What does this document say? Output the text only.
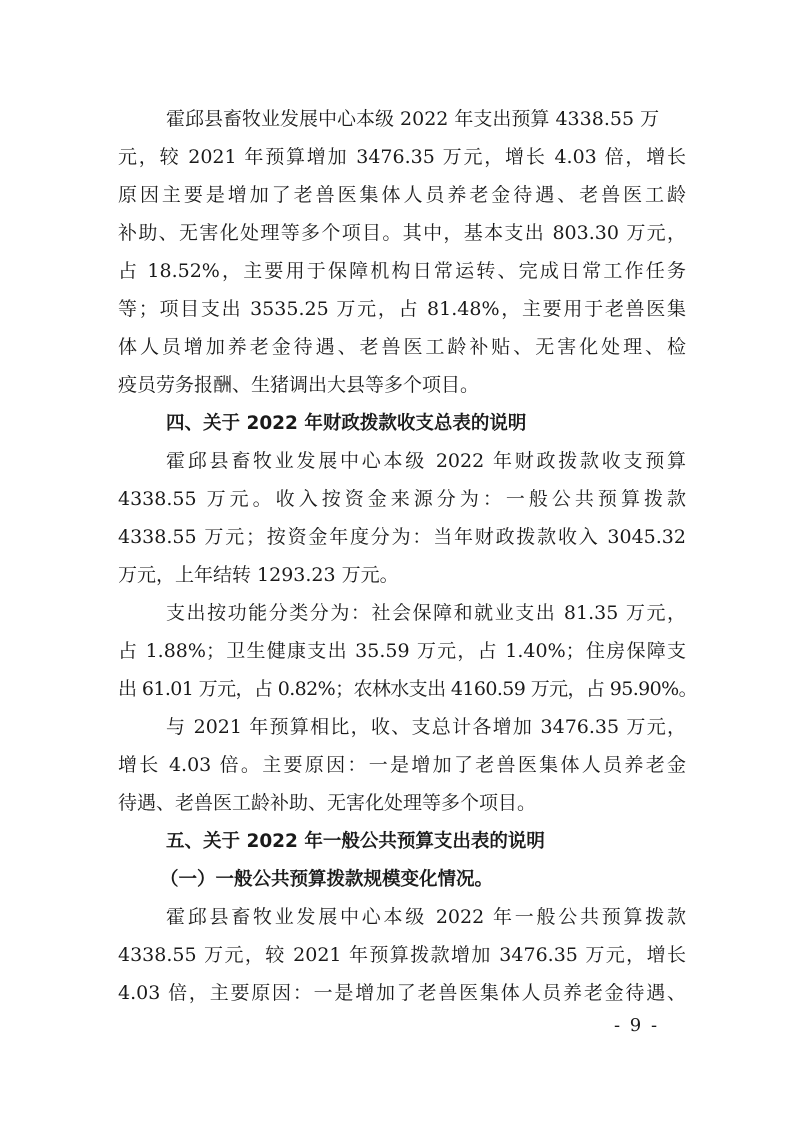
霍邱县畜牧业发展中心本级 2022 年支出预算 4338.55 万
元，较 2021 年预算增加 3476.35 万元，增长 4.03 倍，增长
原因主要是增加了老兽医集体人员养老金待遇、老兽医工龄
补助、无害化处理等多个项目。其中，基本支出 803.30 万元，
占 18.52%，主要用于保障机构日常运转、完成日常工作任务
等；项目支出 3535.25 万元，占 81.48%，主要用于老兽医集
体人员增加养老金待遇、老兽医工龄补贴、无害化处理、检
疫员劳务报酬、生猪调出大县等多个项目。
四、关于 2022 年财政拨款收支总表的说明
霍邱县畜牧业发展中心本级 2022 年财政拨款收支预算
4338.55 万元。收入按资金来源分为：一般公共预算拨款
4338.55 万元；按资金年度分为：当年财政拨款收入 3045.32
万元，上年结转 1293.23 万元。
支出按功能分类分为：社会保障和就业支出 81.35 万元，
占 1.88%；卫生健康支出 35.59 万元，占 1.40%；住房保障支
出 61.01 万元，占 0.82%；农林水支出 4160.59 万元，占 95.90%。
与 2021 年预算相比，收、支总计各增加 3476.35 万元，
增长 4.03 倍。主要原因：一是增加了老兽医集体人员养老金
待遇、老兽医工龄补助、无害化处理等多个项目。
五、关于 2022 年一般公共预算支出表的说明
（一）一般公共预算拨款规模变化情况。
霍邱县畜牧业发展中心本级 2022 年一般公共预算拨款
4338.55 万元，较 2021 年预算拨款增加 3476.35 万元，增长
4.03 倍，主要原因：一是增加了老兽医集体人员养老金待遇、
- 9 -
